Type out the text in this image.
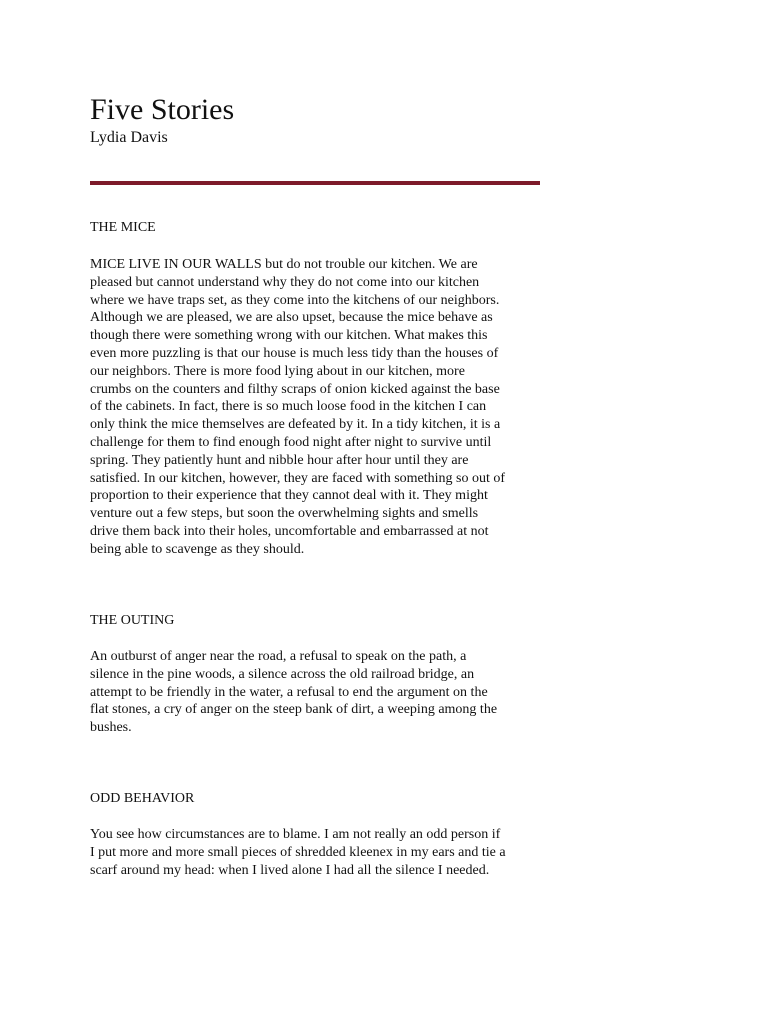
Five Stories
Lydia Davis
THE MICE
MICE LIVE IN OUR WALLS but do not trouble our kitchen. We are
pleased but cannot understand why they do not come into our kitchen
where we have traps set, as they come into the kitchens of our neighbors.
Although we are pleased, we are also upset, because the mice behave as
though there were something wrong with our kitchen. What makes this
even more puzzling is that our house is much less tidy than the houses of
our neighbors. There is more food lying about in our kitchen, more
crumbs on the counters and filthy scraps of onion kicked against the base
of the cabinets. In fact, there is so much loose food in the kitchen I can
only think the mice themselves are defeated by it. In a tidy kitchen, it is a
challenge for them to find enough food night after night to survive until
spring. They patiently hunt and nibble hour after hour until they are
satisfied. In our kitchen, however, they are faced with something so out of
proportion to their experience that they cannot deal with it. They might
venture out a few steps, but soon the overwhelming sights and smells
drive them back into their holes, uncomfortable and embarrassed at not
being able to scavenge as they should.
THE OUTING
An outburst of anger near the road, a refusal to speak on the path, a
silence in the pine woods, a silence across the old railroad bridge, an
attempt to be friendly in the water, a refusal to end the argument on the
flat stones, a cry of anger on the steep bank of dirt, a weeping among the
bushes.
ODD BEHAVIOR
You see how circumstances are to blame. I am not really an odd person if
I put more and more small pieces of shredded kleenex in my ears and tie a
scarf around my head: when I lived alone I had all the silence I needed.
